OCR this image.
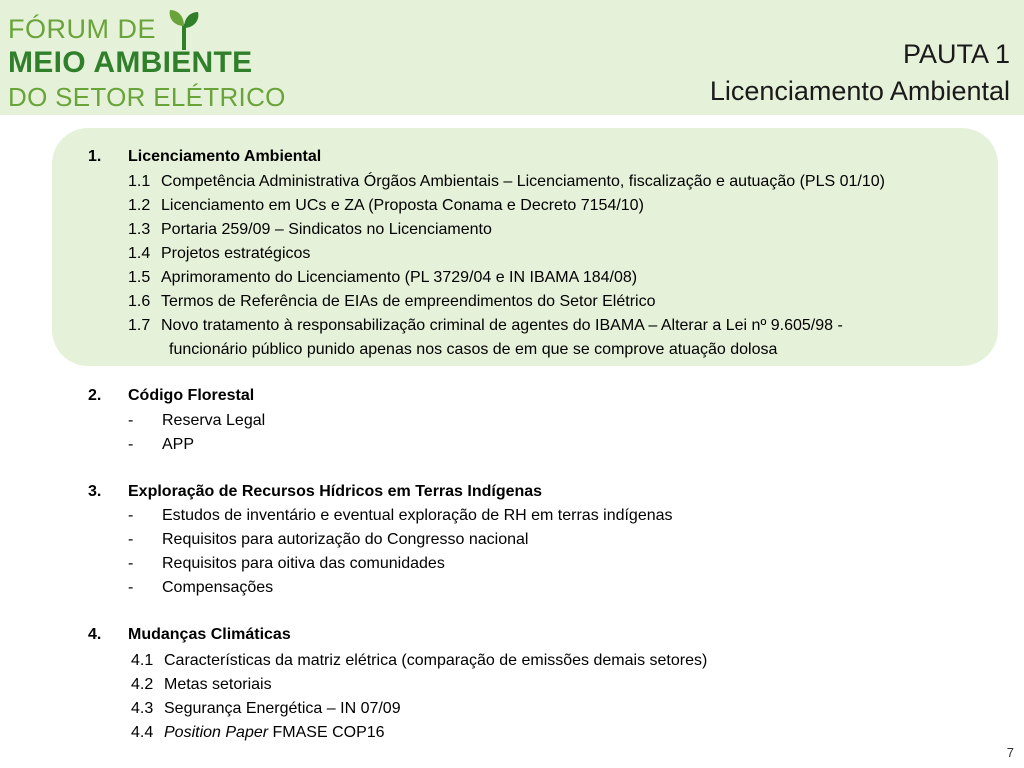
FÓRUM DE
MEIO AMBIENTE
DO SETOR ELÉTRICO
PAUTA 1
Licenciamento Ambiental
1. Licenciamento Ambiental
1.1 Competência Administrativa Órgãos Ambientais – Licenciamento, fiscalização e autuação (PLS 01/10)
1.2 Licenciamento em UCs e ZA (Proposta Conama e Decreto 7154/10)
1.3 Portaria 259/09 – Sindicatos no Licenciamento
1.4 Projetos estratégicos
1.5 Aprimoramento do Licenciamento (PL 3729/04 e IN IBAMA 184/08)
1.6 Termos de Referência de EIAs de empreendimentos do Setor Elétrico
1.7 Novo tratamento à responsabilização criminal de agentes do IBAMA – Alterar a Lei nº 9.605/98 -
funcionário público punido apenas nos casos de em que se comprove atuação dolosa
2. Código Florestal
- Reserva Legal
- APP
3. Exploração de Recursos Hídricos em Terras Indígenas
- Estudos de inventário e eventual exploração de RH em terras indígenas
- Requisitos para autorização do Congresso nacional
- Requisitos para oitiva das comunidades
- Compensações
4. Mudanças Climáticas
4.1 Características da matriz elétrica (comparação de emissões demais setores)
4.2 Metas setoriais
4.3 Segurança Energética – IN 07/09
4.4 Position Paper FMASE COP16
7
